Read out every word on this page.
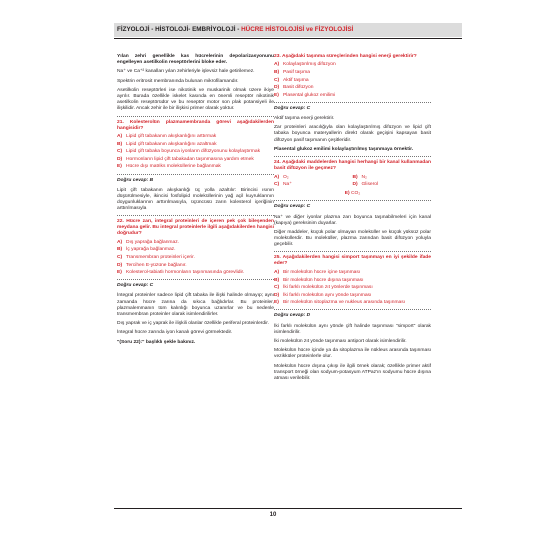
FİZYOLOJİ - HİSTOLOJİ- EMBRİYOLOJİ - HÜCRE HİSTOLOJİSİ ve FİZYOLOJİSİ

Yılan zehri genellikle kas hücrelerinin depolarizasyonunu engelleyen asetilkolin reseptörlerini bloke eder.

Na⁺ ve Ca⁺² kanalları yılan zehirleriyle işlevsiz hale getirilemez.

Spektrin eritrosit membranında bulunan mikrofilamandır.

Asetilkolin reseptörleri ise nikotinik ve muskarinik olmak üzere ikiye ayrılır. Burada özellikle iskelet kasında en önemli reseptör nikotinik asetilkolin reseptörüdür ve bu reseptör motor son plak potansiyeli ile ilişkilidir. Ancak zehir ile bir ilişkisi primer olarak yoktur.

21. Kolesterolün plazmamembranda görevi aşağıdakilerden hangisidir?
A) Lipid çift tabakanın akışkanlığını arttırmak
B) Lipid çift tabakanın akışkanlığını azaltmak
C) Lipid çift tabaka boyunca iyonların difüzyonunu kolaylaştırmak
D) Hormonların lipid çift tabakadan taşınmasına yardım etmek
E) Hücre dışı matriks moleküllerine bağlanmak
Doğru cevap: B

Lipit çift tabakanın akışkanlığı üç yolla azaltılır: Birincisi ısının düşürülmesiyle, ikincisi fosfolipid moleküllerinin yağ açil kuyruklarının doygunluklarının arttırılmasıyla, üçüncüsü zarın kolesterol içeriğinin arttırılmasıyla

22. Hücre zarı, integral proteinleri de içeren pek çok bileşenden meydana gelir. Bu integral proteinlerle ilgili aşağıdakilerden hangisi doğrudur?
A) Dış yaprağa bağlanmaz.
B) İç yaprağa bağlanmaz.
C) Transmembran proteinleri içerir.
D) Tercihen E-yüzüne bağlanır.
E) Kolesterol-tabiatlı hormonların taşınmasında görevlidir.
Doğru cevap: C

İntegral proteinler sadece lipid çift tabaka ile ilişki halinde olmayıp; aynı zamanda hücre zarına da sıkıca bağlıdırlar. Bu proteinler, plazmalemmanın tüm kalınlığı boyunca uzanırlar ve bu nedenle transmembran proteinler olarak isimlendirilirler.

Dış yaprak ve iç yaprak ile ilişkili olanlar özellikle periferal proteinlerdir.

İntegral hücre zarında iyon kanalı görevi görmektedir.

"(Soru 22):" başlıklı şekle bakınız.

23. Aşağıdaki taşınma süreçlerinden hangisi enerji gerektirir?
A) Kolaylaştırılmış difüzyon
B) Pasif taşıma
C) Aktif taşıma
D) Basit difüzyon
E) Plasental glukoz emilimi
Doğru cevap: C

Aktif taşıma enerji gerektirir.

Zar proteinleri aracılığıyla olan kolaylaştırılmış difüzyon ve lipid çift tabaka boyunca materyallerin direkt olarak geçişini kapsayan basit difüzyon pasif taşımanın çeşitleridir.

Plasental glukoz emilimi kolaylaştırılmış taşınmaya örnektir.

24. Aşağıdaki maddelerden hangisi herhangi bir kanal kullanmadan basit difüzyon ile geçmez?
A) O₂	B) N₂
C) Na⁺	D) Gliserol
E) CO₂
Doğru cevap: C

Na⁺ ve diğer iyonlar plazma zarı boyunca taşınabilmeleri için kanal (kapıya) gereksinim duyarlar.

Diğer maddeler, küçük polar olmayan moleküller ve küçük yüksüz polar moleküllerdir. Bu moleküller, plazma zarından basit difüzyon yoluyla geçebilir.

25. Aşağıdakilerden hangisi simport taşınmayı en iyi şekilde ifade eder?
A) Bir molekülün hücre içine taşınması
B) Bir molekülün hücre dışına taşınması
C) İki farklı molekülün zıt yönlerde taşınması
D) İki farklı molekülün aynı yönde taşınması
E) Bir molekülün sitoplazma ve nukleus arasında taşınması
Doğru cevap: D

İki farklı molekülün aynı yönde çift halinde taşınması "simport" olarak isimlendirilir.

İki molekülün zıt yönde taşınması antiport olarak isimlendirilir.

Molekülün hücre içinde ya da sitoplazma ile nükleus arasında taşınması vezikküler proteinlerle olur.

Molekülün hücre dışına çıkışı ile ilgili örnek olarak; özellikle primer aktif transport örneği olan sodyum-potasyum ATPaz'ın sodyumu hücre dışına atması verilebilir.

10
